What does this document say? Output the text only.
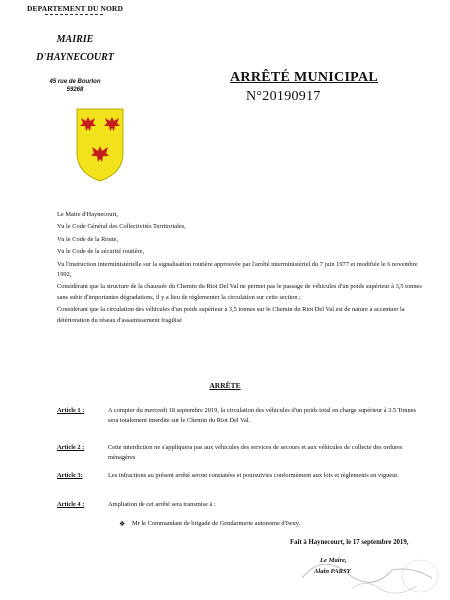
DEPARTEMENT DU NORD
MAIRIE
D'HAYNECOURT
45 rue de Bourlon
59268
ARRÊTÉ MUNICIPAL
N°20190917

Le Maire d'Haynecourt,

Vu le Code Général des Collectivités Territoriales,

Vu le Code de la Route,

Vu le Code de la sécurité routière,

Vu l'instruction interministérielle sur la signalisation routière approuvée par l'arrêté interministériel du 7 juin 1977 et modifiée le 6 novembre 1992,

Considérant que la structure de la chaussée du Chemin du Riot Del Val ne permet pas le passage de véhicules d'un poids supérieur à 3,5 tonnes sans subir d'importantes dégradations, il y a lieu de réglementer la circulation sur cette section ;

Considérant que la circulation des véhicules d'un poids supérieur à 3,5 tonnes sur le Chemin du Riot Del Val est de nature à accentuer la détérioration du réseau d'assainissement fragilisé

ARRÊTE
Article 1 :	A compter du mercredi 18 septembre 2019, la circulation des véhicules d'un poids total en charge supérieur à 3.5 Tonnes sera totalement interdite sur le Chemin du Riot Del Val.
Article 2 :	Cette interdiction ne s'appliquera pas aux véhicules des services de secours et aux véhicules de collecte des ordures ménagères
Article 3:	Les infractions au présent arrêté seront constatées et poursuivies conformément aux lois et règlements en vigueur.
Article 4 :	Ampliation de cet arrêté sera transmise à :
❖ Mr le Commandant de brigade de Gendarmerie autonome d'Iwuy.
Fait à Haynecourt, le 17 septembre 2019,
Le Maire,
Alain PARSY
